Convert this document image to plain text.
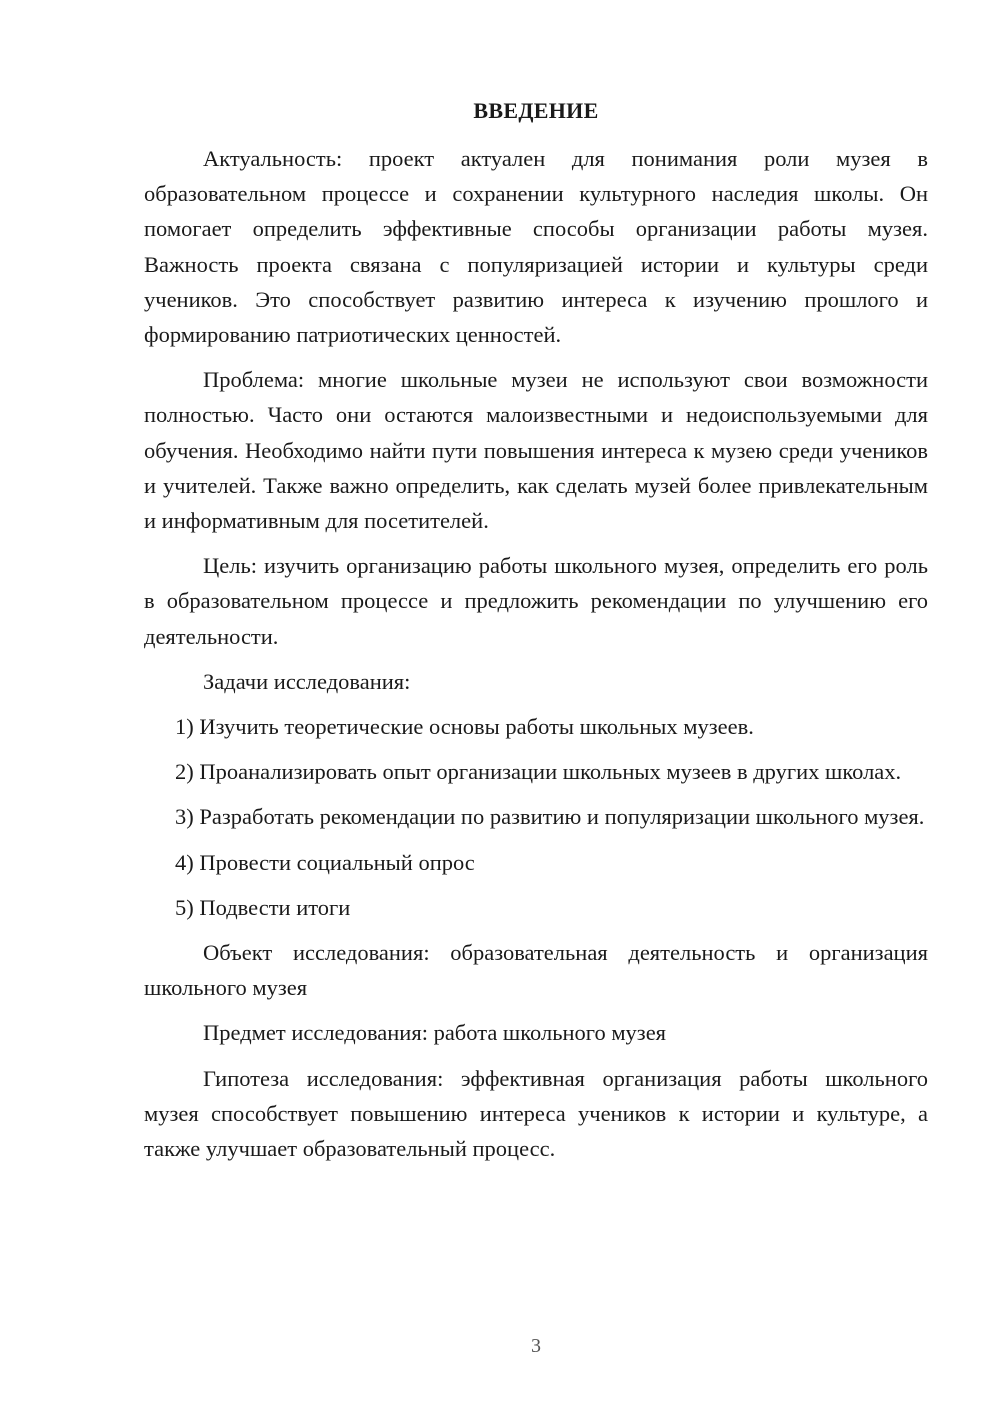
ВВЕДЕНИЕ

Актуальность: проект актуален для понимания роли музея в образовательном процессе и сохранении культурного наследия школы. Он помогает определить эффективные способы организации работы музея. Важность проекта связана с популяризацией истории и культуры среди учеников. Это способствует развитию интереса к изучению прошлого и формированию патриотических ценностей.

Проблема: многие школьные музеи не используют свои возможности полностью. Часто они остаются малоизвестными и недоиспользуемыми для обучения. Необходимо найти пути повышения интереса к музею среди учеников и учителей. Также важно определить, как сделать музей более привлекательным и информативным для посетителей.

Цель: изучить организацию работы школьного музея, определить его роль в образовательном процессе и предложить рекомендации по улучшению его деятельности.

Задачи исследования:

1) Изучить теоретические основы работы школьных музеев.

2) Проанализировать опыт организации школьных музеев в других школах.

3) Разработать рекомендации по развитию и популяризации школьного музея.

4) Провести социальный опрос

5) Подвести итоги

Объект исследования: образовательная деятельность и организация школьного музея

Предмет исследования: работа школьного музея

Гипотеза исследования: эффективная организация работы школьного музея способствует повышению интереса учеников к истории и культуре, а также улучшает образовательный процесс.

3
